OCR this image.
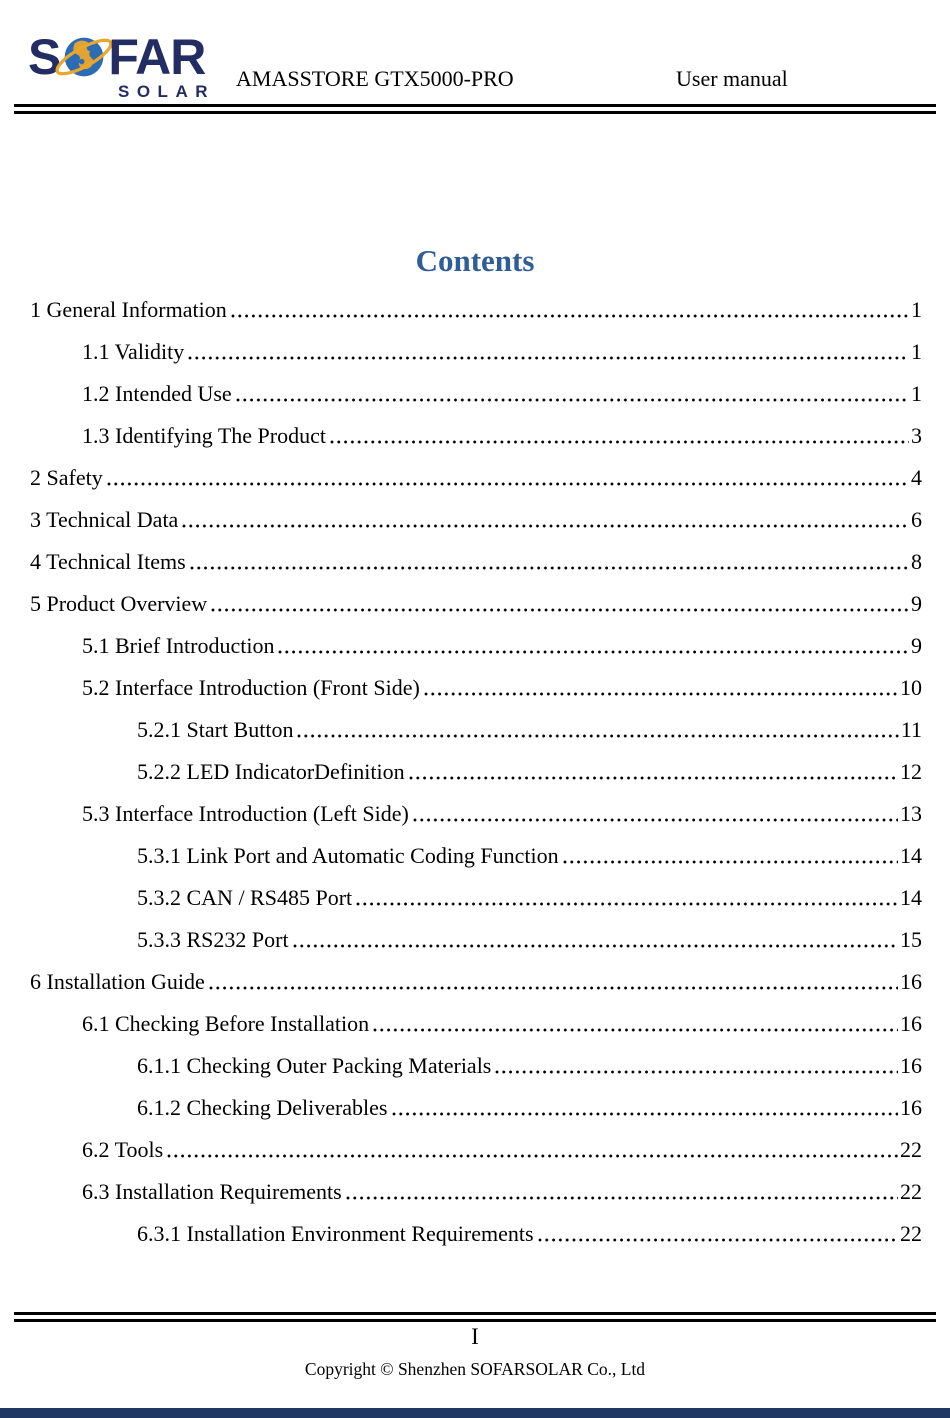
S FAR
SOLAR
AMASSTORE GTX5000-PRO	User manual
Contents
1 General Information	1
1.1 Validity	1
1.2 Intended Use	1
1.3 Identifying The Product	3
2 Safety	4
3 Technical Data	6
4 Technical Items	8
5 Product Overview	9
5.1 Brief Introduction	9
5.2 Interface Introduction (Front Side)	10
5.2.1 Start Button	11
5.2.2 LED IndicatorDefinition	12
5.3 Interface Introduction (Left Side)	13
5.3.1 Link Port and Automatic Coding Function	14
5.3.2 CAN / RS485 Port	14
5.3.3 RS232 Port	15
6 Installation Guide	16
6.1 Checking Before Installation	16
6.1.1 Checking Outer Packing Materials	16
6.1.2 Checking Deliverables	16
6.2 Tools	22
6.3 Installation Requirements	22
6.3.1 Installation Environment Requirements	22
I
Copyright © Shenzhen SOFARSOLAR Co., Ltd
